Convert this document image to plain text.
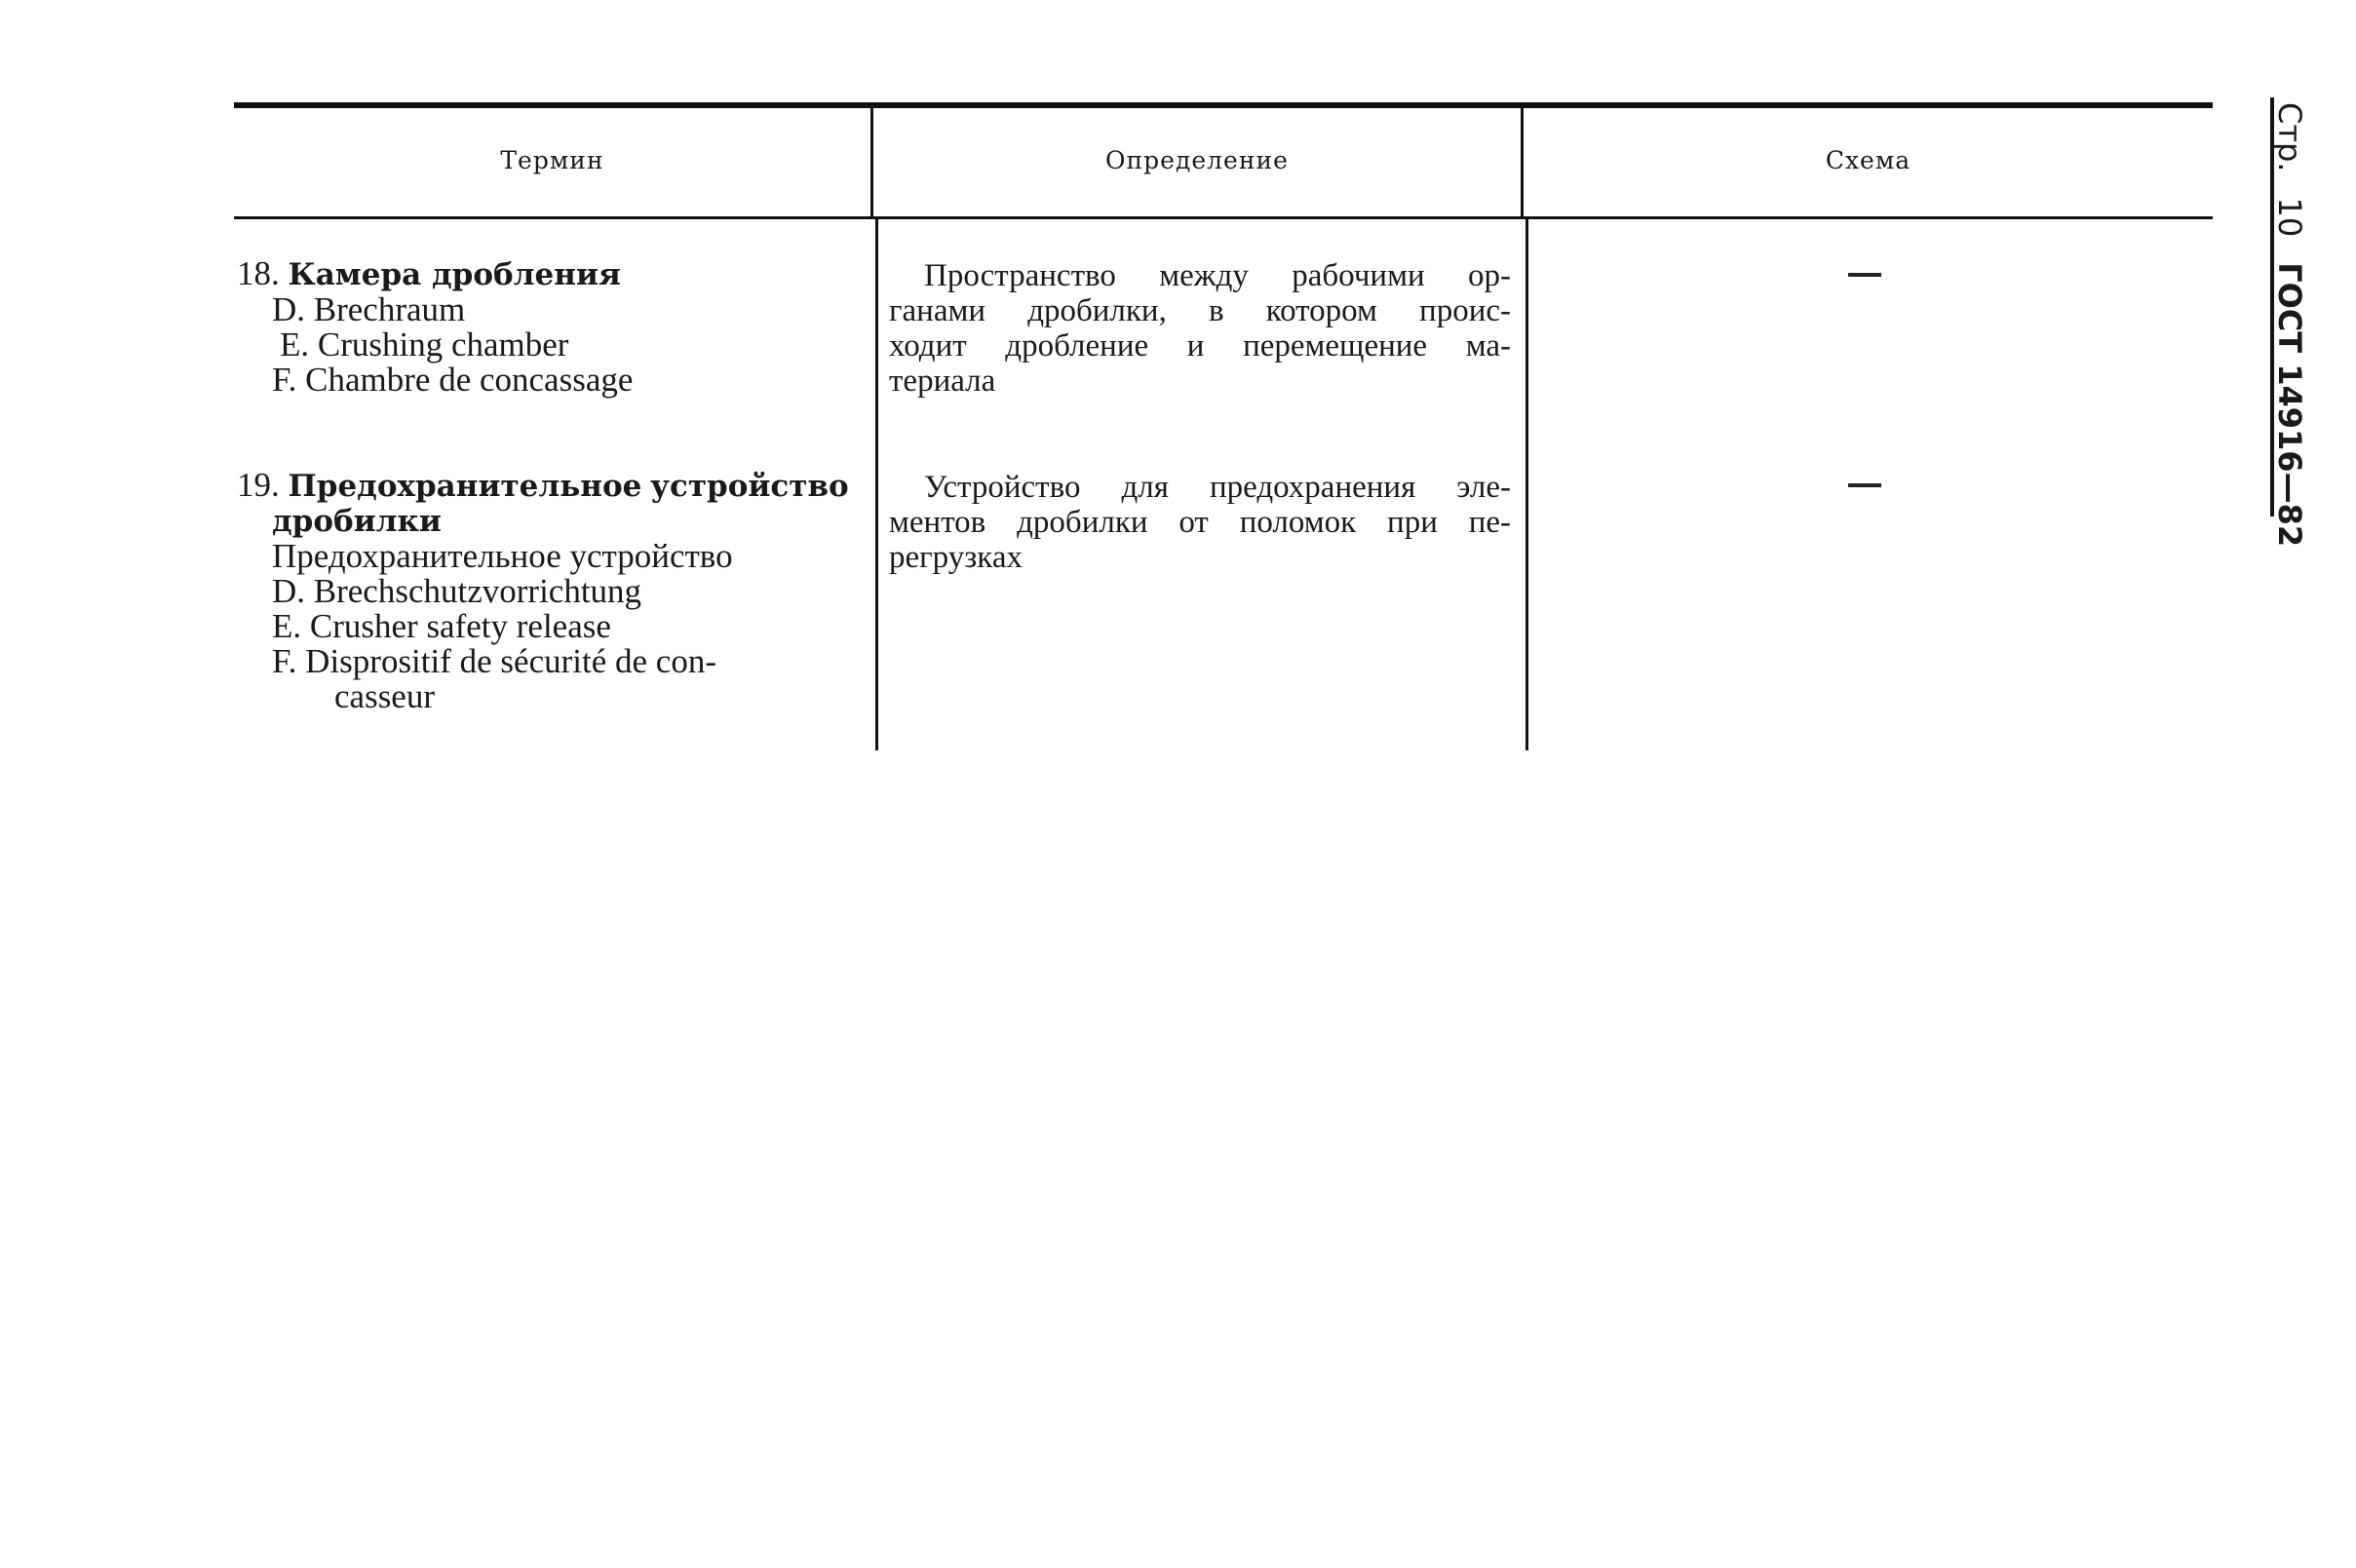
Стр.
10
ГОСТ 14916—82
Термин	Определение	Схема
18. Камера дробления
D. Brechraum
E. Crushing chamber
F. Chambre de concassage
Пространство между рабочими ор-
ганами дробилки, в котором проис-
ходит дробление и перемещение ма-
териала
19. Предохранительное устройство
дробилки
Предохранительное устройство
D. Brechschutzvorrichtung
E. Crusher safety release
F. Disprositif de sécurité de con-
casseur
Устройство для предохранения эле-
ментов дробилки от поломок при пе-
регрузках
